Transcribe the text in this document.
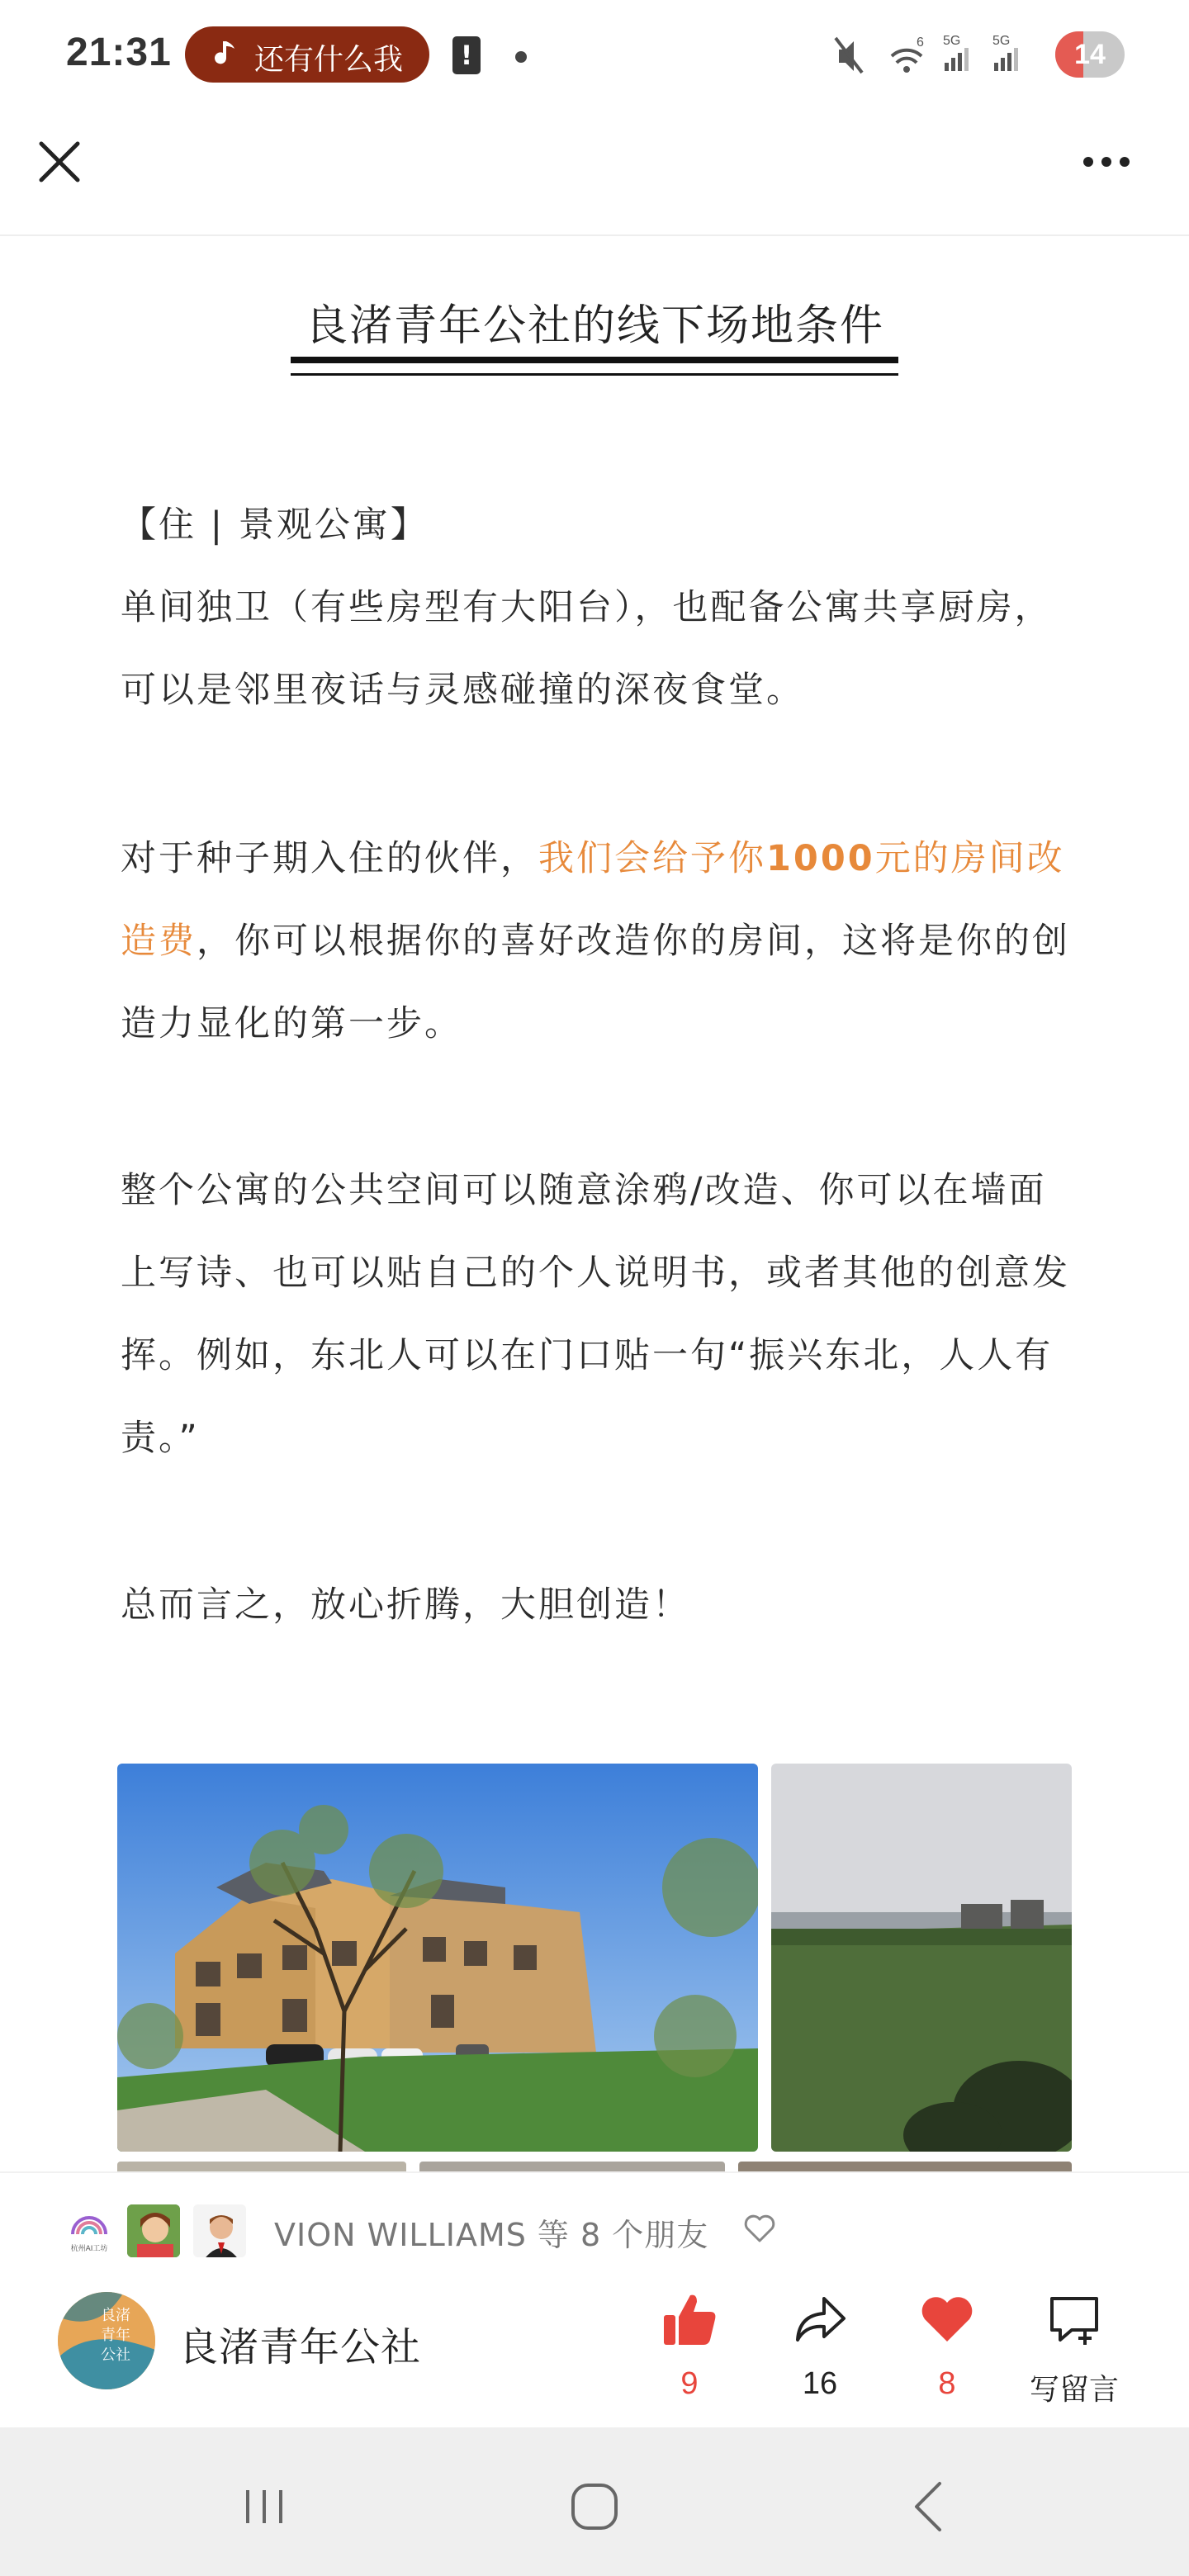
21:31	还有什么我	!	6 5G 5G	14
良渚青年公社的线下场地条件
【住 | 景观公寓】
单间独卫（有些房型有大阳台），也配备公寓共享厨房，可以是邻里夜话与灵感碰撞的深夜食堂。
对于种子期入住的伙伴，我们会给予你1000元的房间改造费，你可以根据你的喜好改造你的房间，这将是你的创造力显化的第一步。
整个公寓的公共空间可以随意涂鸦/改造、你可以在墙面上写诗、也可以贴自己的个人说明书，或者其他的创意发挥。例如，东北人可以在门口贴一句“振兴东北，人人有责。”
总而言之，放心折腾，大胆创造！
杭州AI工坊	VION WILLIAMS 等 8 个朋友
良渚
青年
公社 良渚青年公社
9	16	8	写留言
